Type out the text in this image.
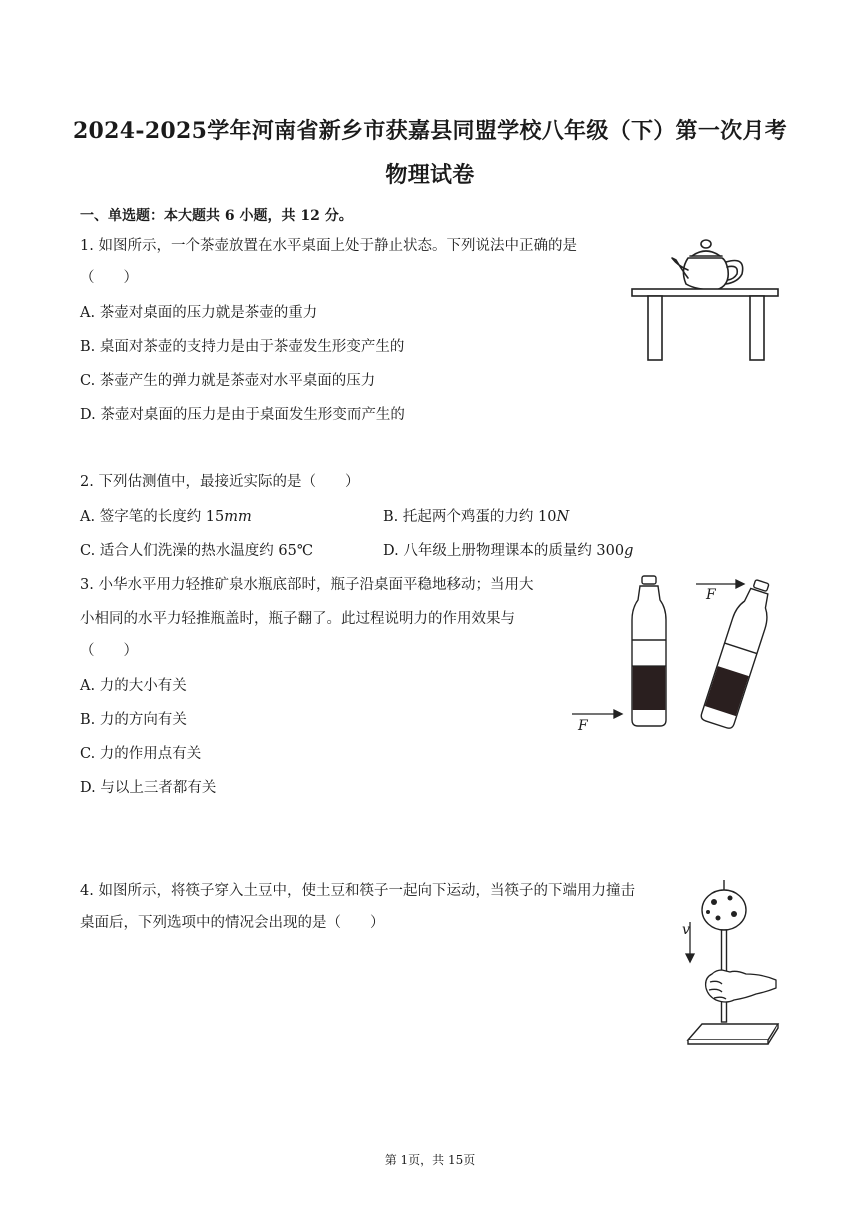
2024-2025学年河南省新乡市获嘉县同盟学校八年级（下）第一次月考
物理试卷
一、单选题：本大题共 6 小题，共 12 分。
1. 如图所示，一个茶壶放置在水平桌面上处于静止状态。下列说法中正确的是
（　　）
A. 茶壶对桌面的压力就是茶壶的重力
B. 桌面对茶壶的支持力是由于茶壶发生形变产生的
C. 茶壶产生的弹力就是茶壶对水平桌面的压力
D. 茶壶对桌面的压力是由于桌面发生形变而产生的
2. 下列估测值中，最接近实际的是（　　）
A. 签字笔的长度约 15mm	B. 托起两个鸡蛋的力约 10N
C. 适合人们洗澡的热水温度约 65℃	D. 八年级上册物理课本的质量约 300g
3. 小华水平用力轻推矿泉水瓶底部时，瓶子沿桌面平稳地移动；当用大
小相同的水平力轻推瓶盖时，瓶子翻了。此过程说明力的作用效果与
（　　）
A. 力的大小有关
B. 力的方向有关
C. 力的作用点有关
D. 与以上三者都有关
F
F
4. 如图所示，将筷子穿入土豆中，使土豆和筷子一起向下运动，当筷子的下端用力撞击
桌面后，下列选项中的情况会出现的是（　　）	v
第 1页，共 15页
